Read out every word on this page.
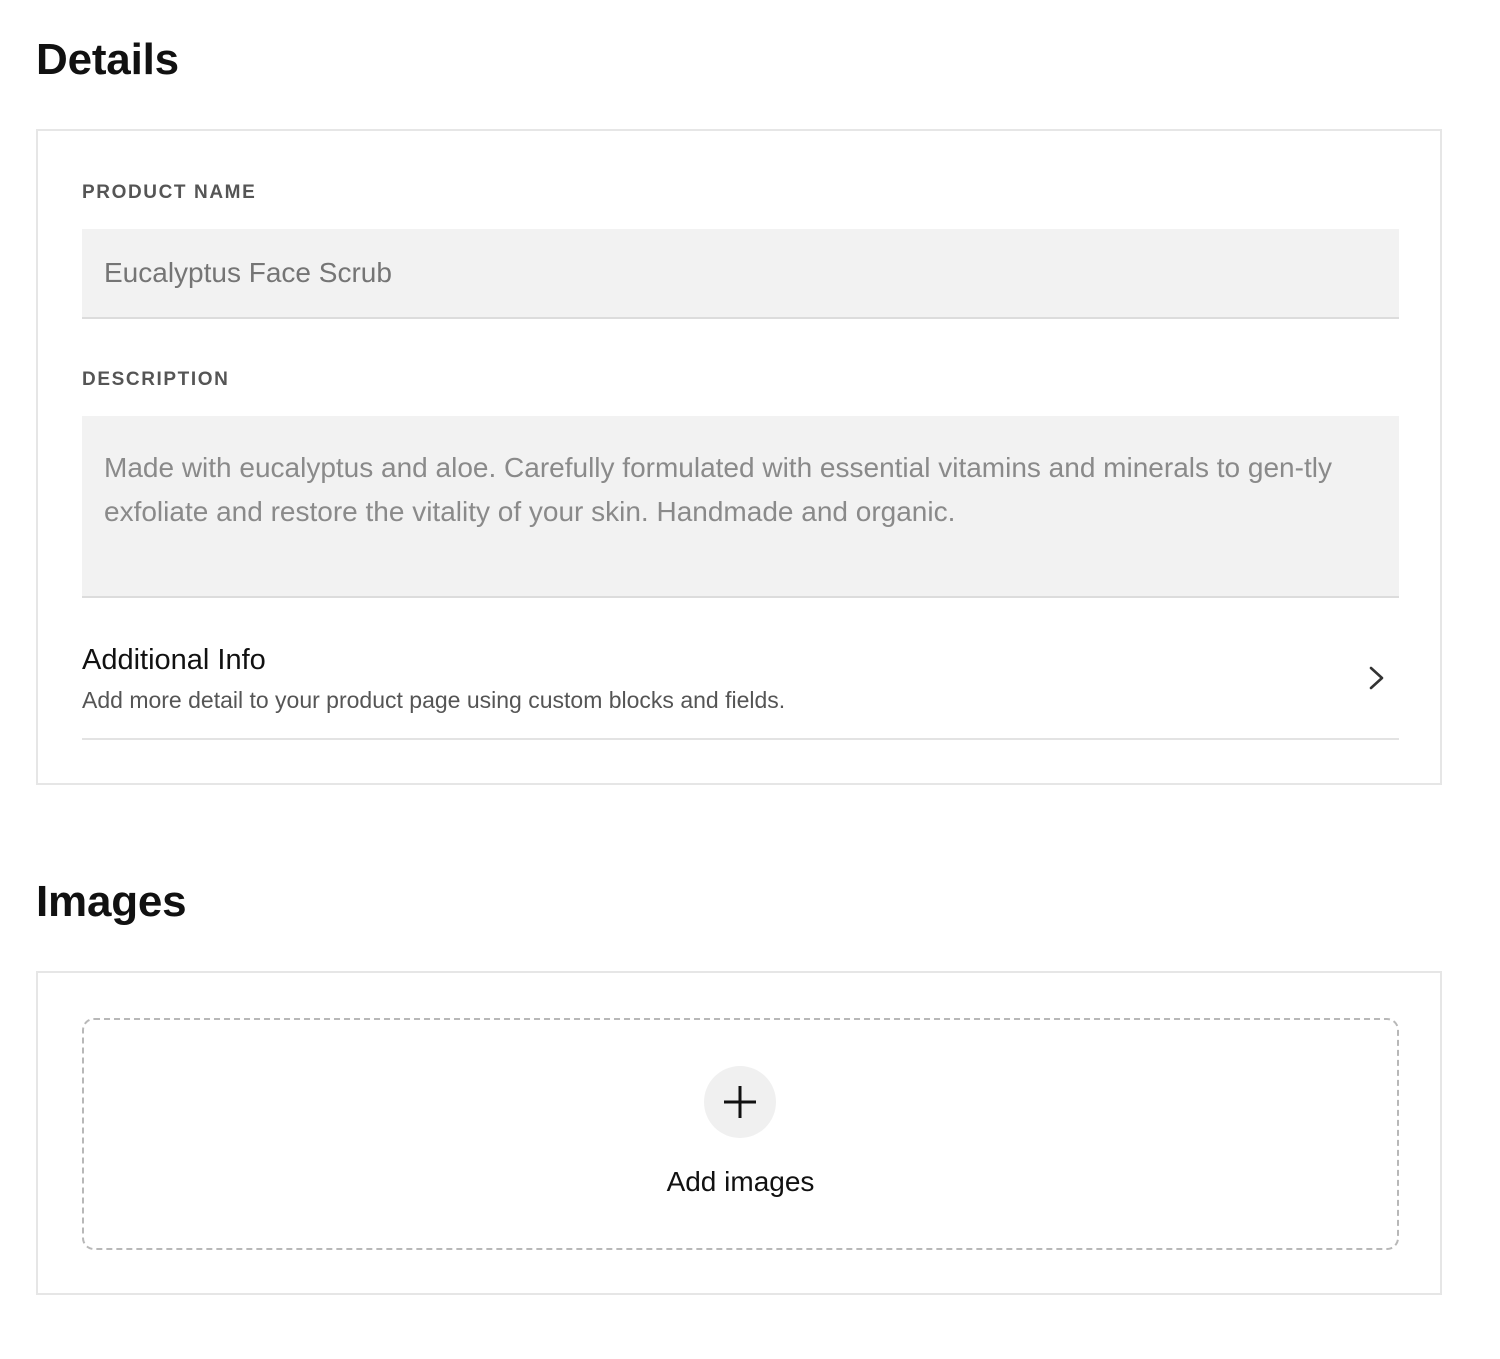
Details
PRODUCT NAME
Eucalyptus Face Scrub
DESCRIPTION
Made with eucalyptus and aloe. Carefully formulated with essential vitamins and minerals to gen-tly exfoliate and restore the vitality of your skin. Handmade and organic.
Additional Info
Add more detail to your product page using custom blocks and fields.
Images
Add images
